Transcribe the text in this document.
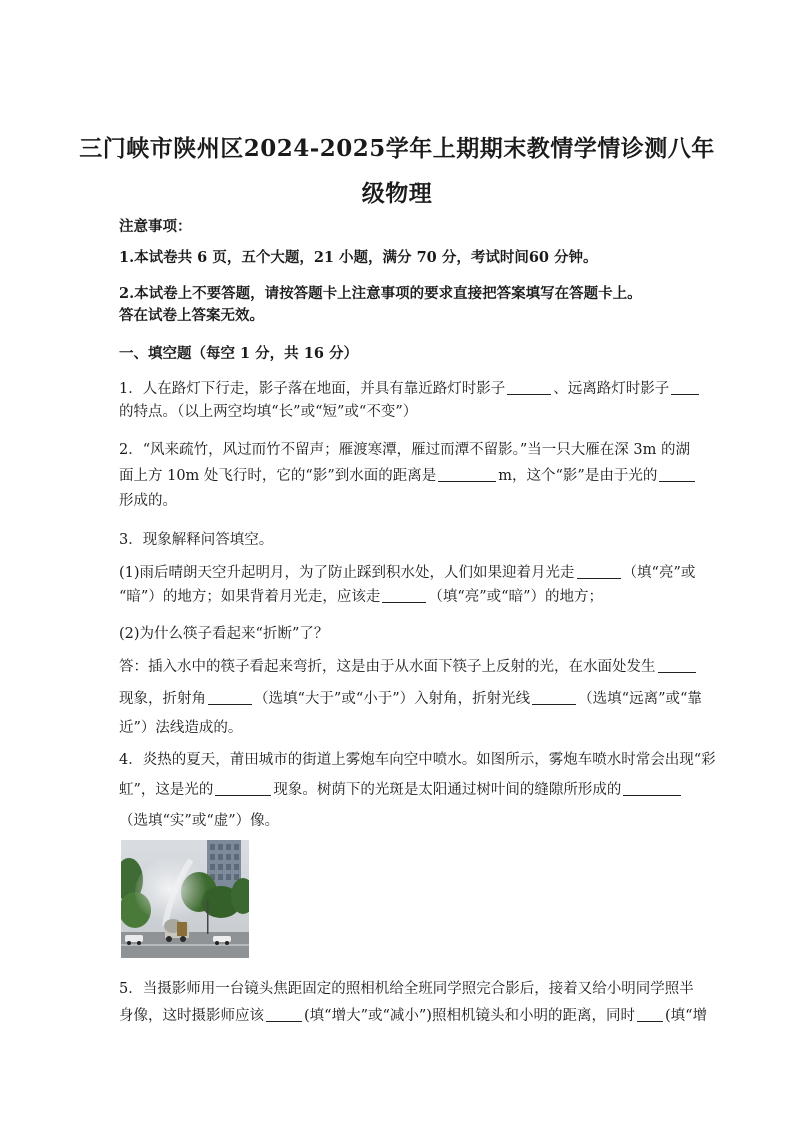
三门峡市陕州区2024-2025学年上期期末教情学情诊测八年
级物理
注意事项：
1.本试卷共 6 页，五个大题，21 小题，满分 70 分，考试时间60 分钟。
2.本试卷上不要答题，请按答题卡上注意事项的要求直接把答案填写在答题卡上。
答在试卷上答案无效。
一、填空题（每空 1 分，共 16 分）
1．人在路灯下行走，影子落在地面，并具有靠近路灯时影子	、远离路灯时影子
的特点。（以上两空均填“长”或“短”或“不变”）
2．“风来疏竹，风过而竹不留声；雁渡寒潭，雁过而潭不留影。”当一只大雁在深 3m 的湖
面上方 10m 处飞行时，它的“影”到水面的距离是	m，这个“影”是由于光的
形成的。
3．现象解释问答填空。
(1)雨后晴朗天空升起明月，为了防止踩到积水处，人们如果迎着月光走	（填“亮”或
“暗”）的地方；如果背着月光走，应该走	（填“亮”或“暗”）的地方；
(2)为什么筷子看起来“折断”了？
答：插入水中的筷子看起来弯折，这是由于从水面下筷子上反射的光，在水面处发生
现象，折射角	（选填“大于”或“小于”）入射角，折射光线	（选填“远离”或“靠
近”）法线造成的。
4．炎热的夏天，莆田城市的街道上雾炮车向空中喷水。如图所示，雾炮车喷水时常会出现“彩
虹”，这是光的	现象。树荫下的光斑是太阳通过树叶间的缝隙所形成的
（选填“实”或“虚”）像。
5．当摄影师用一台镜头焦距固定的照相机给全班同学照完合影后，接着又给小明同学照半
身像，这时摄影师应该	(填“增大”或“减小”)照相机镜头和小明的距离，同时 (填“增
